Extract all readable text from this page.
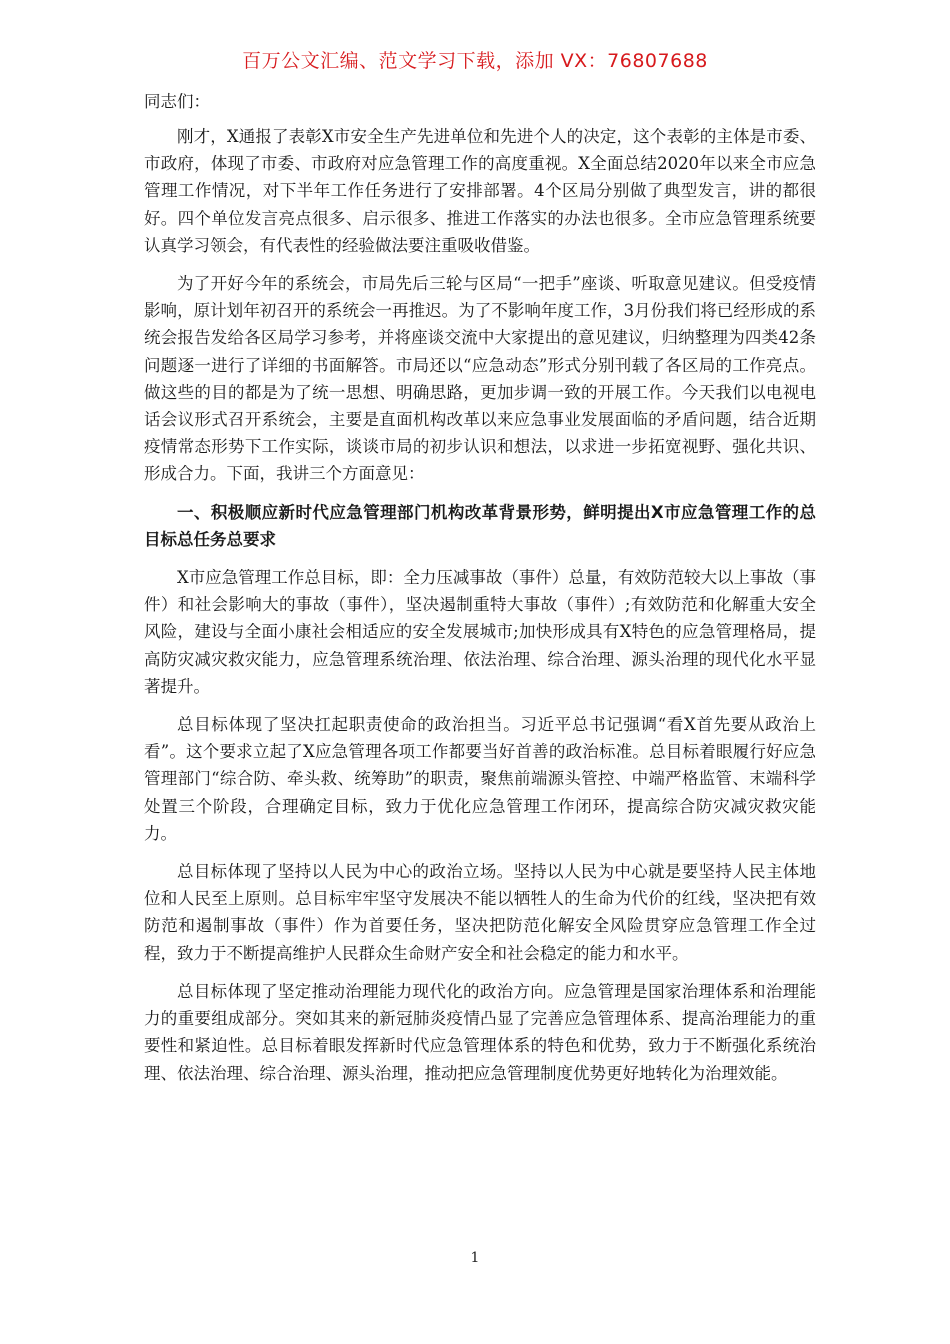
百万公文汇编、范文学习下载，添加 VX：76807688

同志们：

刚才，X通报了表彰X市安全生产先进单位和先进个人的决定，这个表彰的主体是市委、市政府，体现了市委、市政府对应急管理工作的高度重视。X全面总结2020年以来全市应急管理工作情况，对下半年工作任务进行了安排部署。4个区局分别做了典型发言，讲的都很好。四个单位发言亮点很多、启示很多、推进工作落实的办法也很多。全市应急管理系统要认真学习领会，有代表性的经验做法要注重吸收借鉴。

为了开好今年的系统会，市局先后三轮与区局“一把手”座谈、听取意见建议。但受疫情影响，原计划年初召开的系统会一再推迟。为了不影响年度工作，3月份我们将已经形成的系统会报告发给各区局学习参考，并将座谈交流中大家提出的意见建议，归纳整理为四类42条问题逐一进行了详细的书面解答。市局还以“应急动态”形式分别刊载了各区局的工作亮点。做这些的目的都是为了统一思想、明确思路，更加步调一致的开展工作。今天我们以电视电话会议形式召开系统会，主要是直面机构改革以来应急事业发展面临的矛盾问题，结合近期疫情常态形势下工作实际，谈谈市局的初步认识和想法，以求进一步拓宽视野、强化共识、形成合力。下面，我讲三个方面意见：

一、积极顺应新时代应急管理部门机构改革背景形势，鲜明提出X市应急管理工作的总目标总任务总要求

X市应急管理工作总目标，即：全力压减事故（事件）总量，有效防范较大以上事故（事件）和社会影响大的事故（事件），坚决遏制重特大事故（事件）;有效防范和化解重大安全风险，建设与全面小康社会相适应的安全发展城市;加快形成具有X特色的应急管理格局，提高防灾减灾救灾能力，应急管理系统治理、依法治理、综合治理、源头治理的现代化水平显著提升。

总目标体现了坚决扛起职责使命的政治担当。习近平总书记强调“看X首先要从政治上看”。这个要求立起了X应急管理各项工作都要当好首善的政治标准。总目标着眼履行好应急管理部门“综合防、牵头救、统筹助”的职责，聚焦前端源头管控、中端严格监管、末端科学处置三个阶段，合理确定目标，致力于优化应急管理工作闭环，提高综合防灾减灾救灾能力。

总目标体现了坚持以人民为中心的政治立场。坚持以人民为中心就是要坚持人民主体地位和人民至上原则。总目标牢牢坚守发展决不能以牺牲人的生命为代价的红线，坚决把有效防范和遏制事故（事件）作为首要任务，坚决把防范化解安全风险贯穿应急管理工作全过程，致力于不断提高维护人民群众生命财产安全和社会稳定的能力和水平。

总目标体现了坚定推动治理能力现代化的政治方向。应急管理是国家治理体系和治理能力的重要组成部分。突如其来的新冠肺炎疫情凸显了完善应急管理体系、提高治理能力的重要性和紧迫性。总目标着眼发挥新时代应急管理体系的特色和优势，致力于不断强化系统治理、依法治理、综合治理、源头治理，推动把应急管理制度优势更好地转化为治理效能。

1
